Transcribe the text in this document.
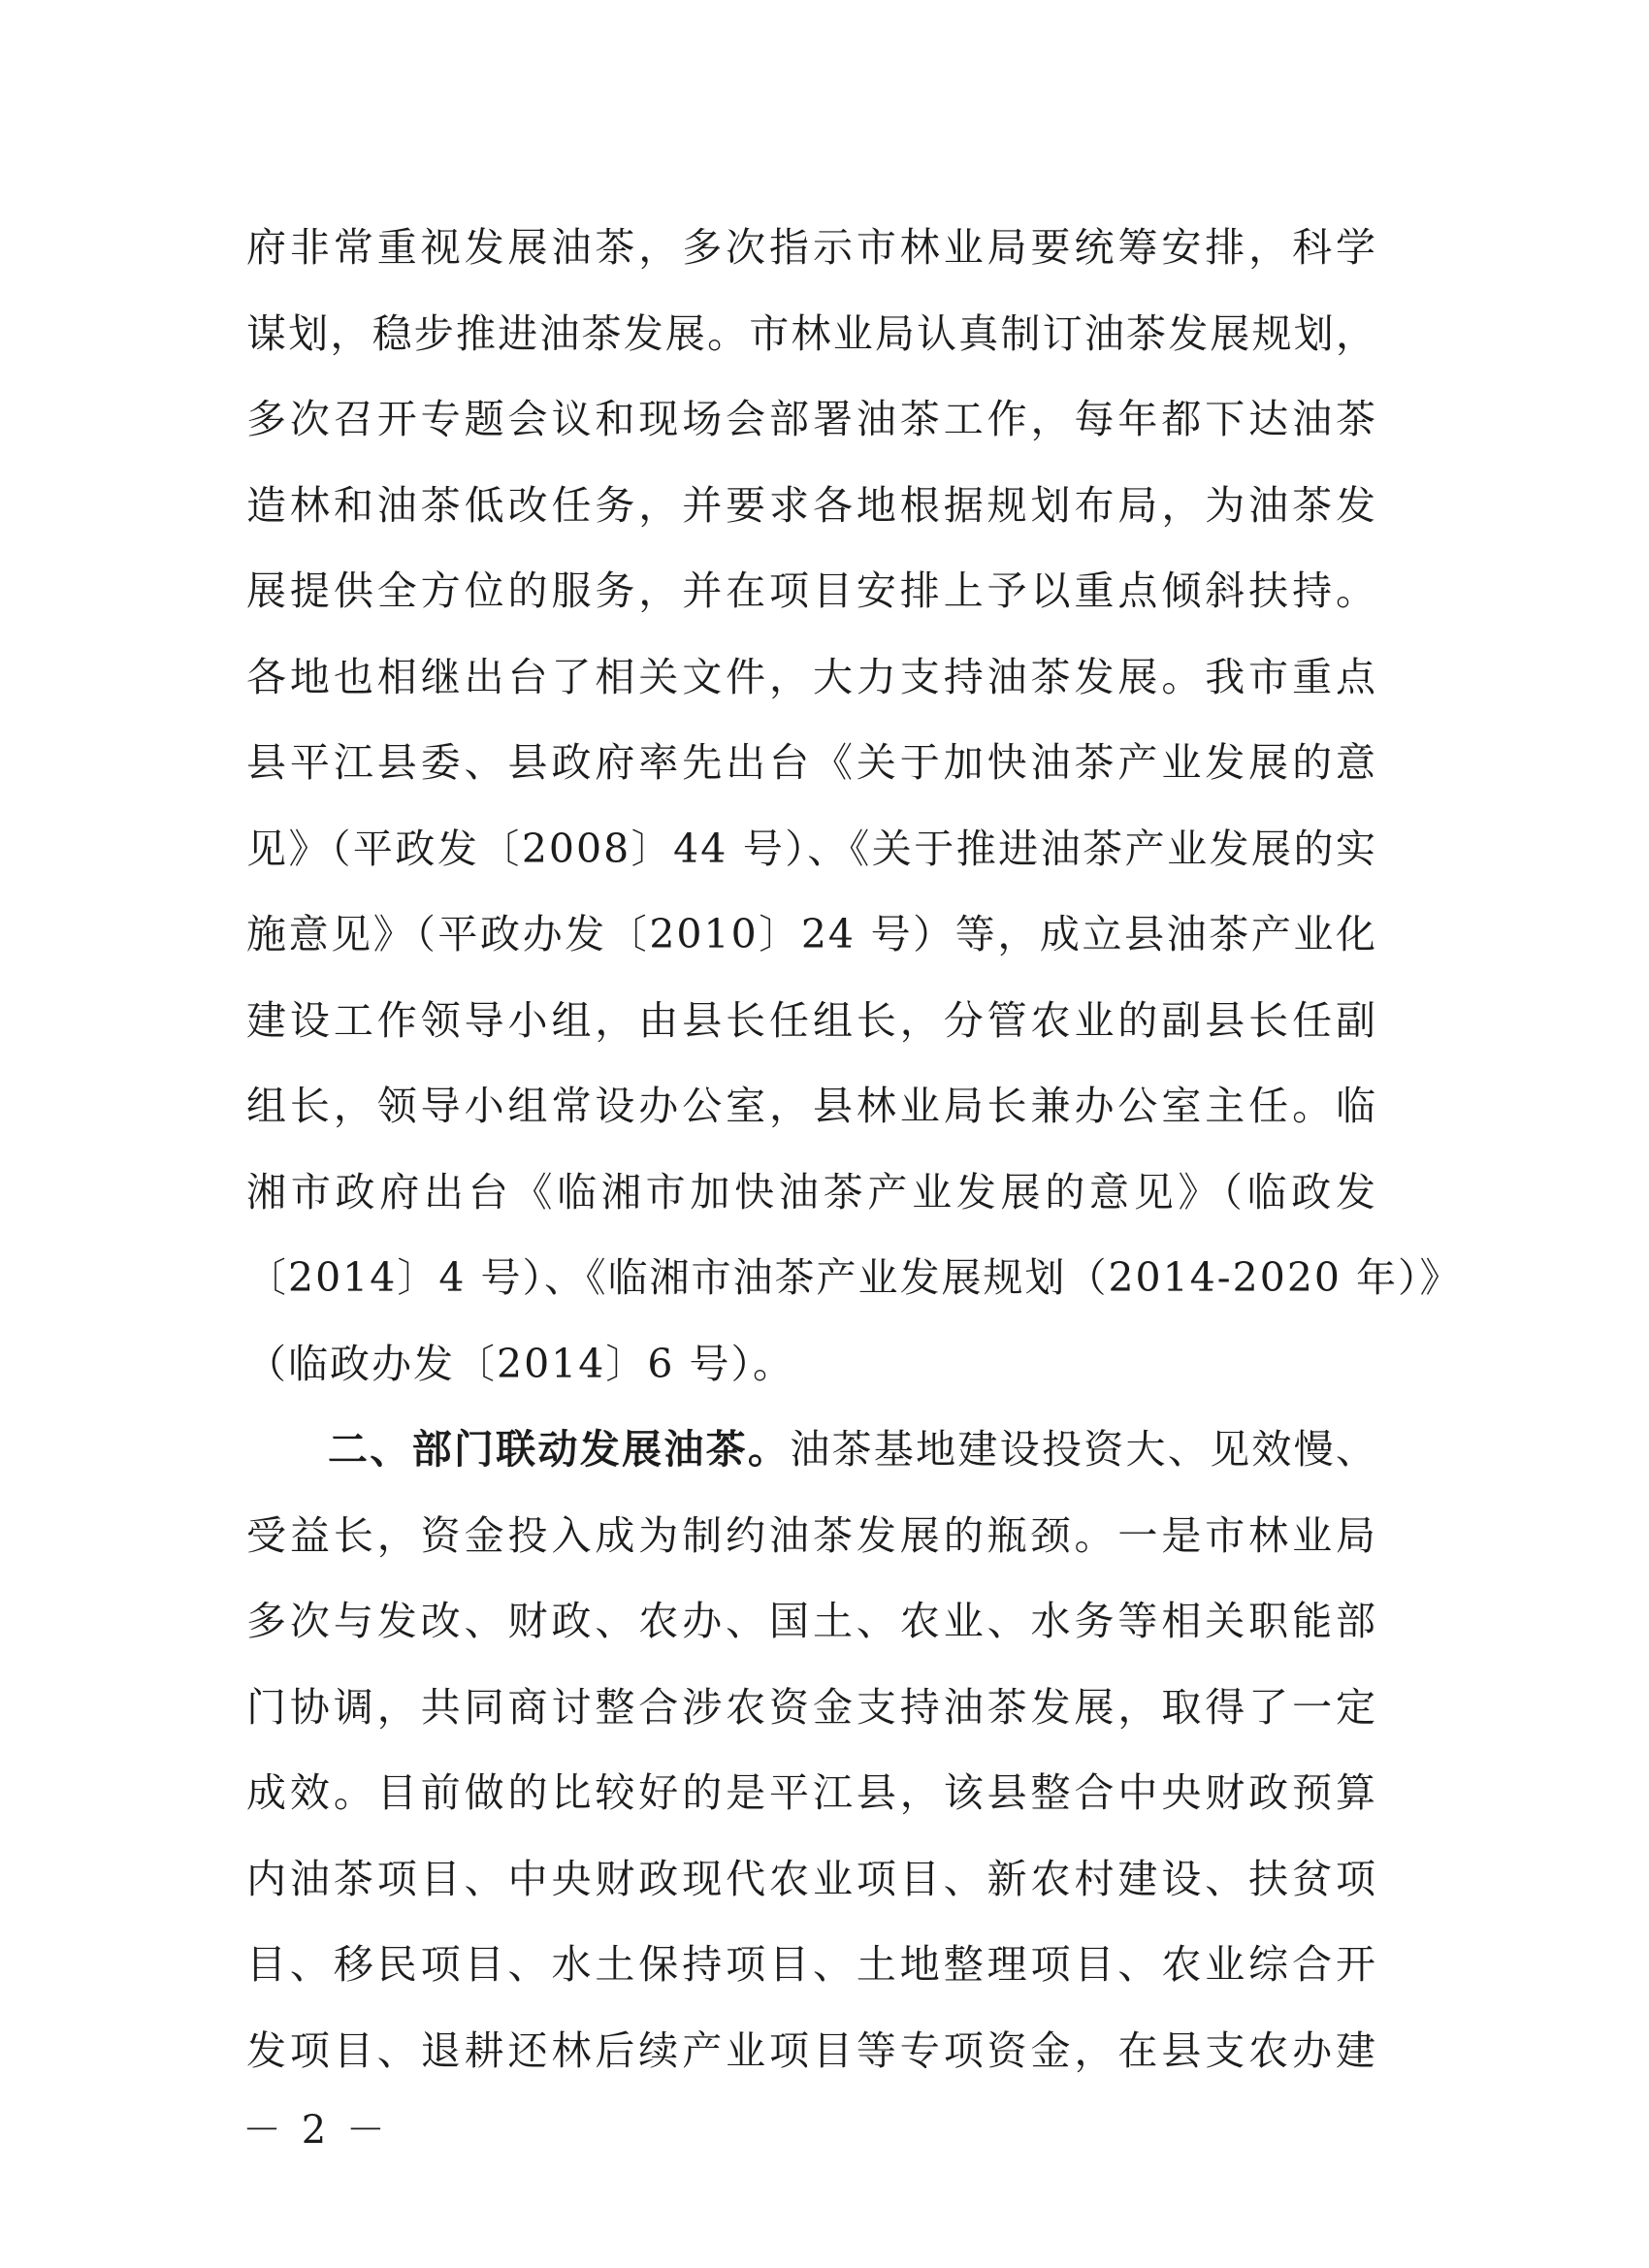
府非常重视发展油茶，多次指示市林业局要统筹安排，科学
谋划，稳步推进油茶发展。市林业局认真制订油茶发展规划，
多次召开专题会议和现场会部署油茶工作，每年都下达油茶
造林和油茶低改任务，并要求各地根据规划布局，为油茶发
展提供全方位的服务，并在项目安排上予以重点倾斜扶持。
各地也相继出台了相关文件，大力支持油茶发展。我市重点
县平江县委、县政府率先出台《关于加快油茶产业发展的意
见》（平政发〔2008〕44 号）、《关于推进油茶产业发展的实
施意见》（平政办发〔2010〕24 号）等，成立县油茶产业化
建设工作领导小组，由县长任组长，分管农业的副县长任副
组长，领导小组常设办公室，县林业局长兼办公室主任。临
湘市政府出台《临湘市加快油茶产业发展的意见》（临政发
〔2014〕4 号）、《临湘市油茶产业发展规划（2014-2020 年）》
（临政办发〔2014〕6 号）。
二、部门联动发展油茶。油茶基地建设投资大、见效慢、
受益长，资金投入成为制约油茶发展的瓶颈。一是市林业局
多次与发改、财政、农办、国土、农业、水务等相关职能部
门协调，共同商讨整合涉农资金支持油茶发展，取得了一定
成效。目前做的比较好的是平江县，该县整合中央财政预算
内油茶项目、中央财政现代农业项目、新农村建设、扶贫项
目、移民项目、水土保持项目、土地整理项目、农业综合开
发项目、退耕还林后续产业项目等专项资金，在县支农办建
－ 2 －
